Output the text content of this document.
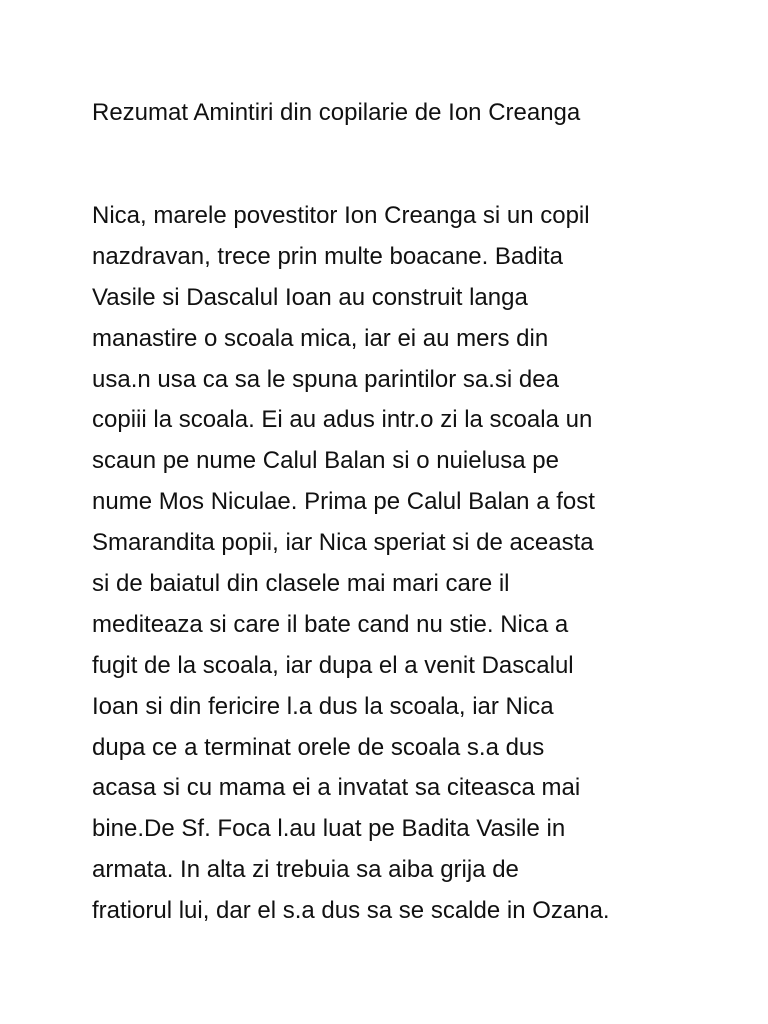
Rezumat Amintiri din copilarie de Ion Creanga
Nica, marele povestitor Ion Creanga si un copil
nazdravan, trece prin multe boacane. Badita
Vasile si Dascalul Ioan au construit langa
manastire o scoala mica, iar ei au mers din
usa.n usa ca sa le spuna parintilor sa.si dea
copiii la scoala. Ei au adus intr.o zi la scoala un
scaun pe nume Calul Balan si o nuielusa pe
nume Mos Niculae. Prima pe Calul Balan a fost
Smarandita popii, iar Nica speriat si de aceasta
si de baiatul din clasele mai mari care il
mediteaza si care il bate cand nu stie. Nica a
fugit de la scoala, iar dupa el a venit Dascalul
Ioan si din fericire l.a dus la scoala, iar Nica
dupa ce a terminat orele de scoala s.a dus
acasa si cu mama ei a invatat sa citeasca mai
bine.De Sf. Foca l.au luat pe Badita Vasile in
armata. In alta zi trebuia sa aiba grija de
fratiorul lui, dar el s.a dus sa se scalde in Ozana.
